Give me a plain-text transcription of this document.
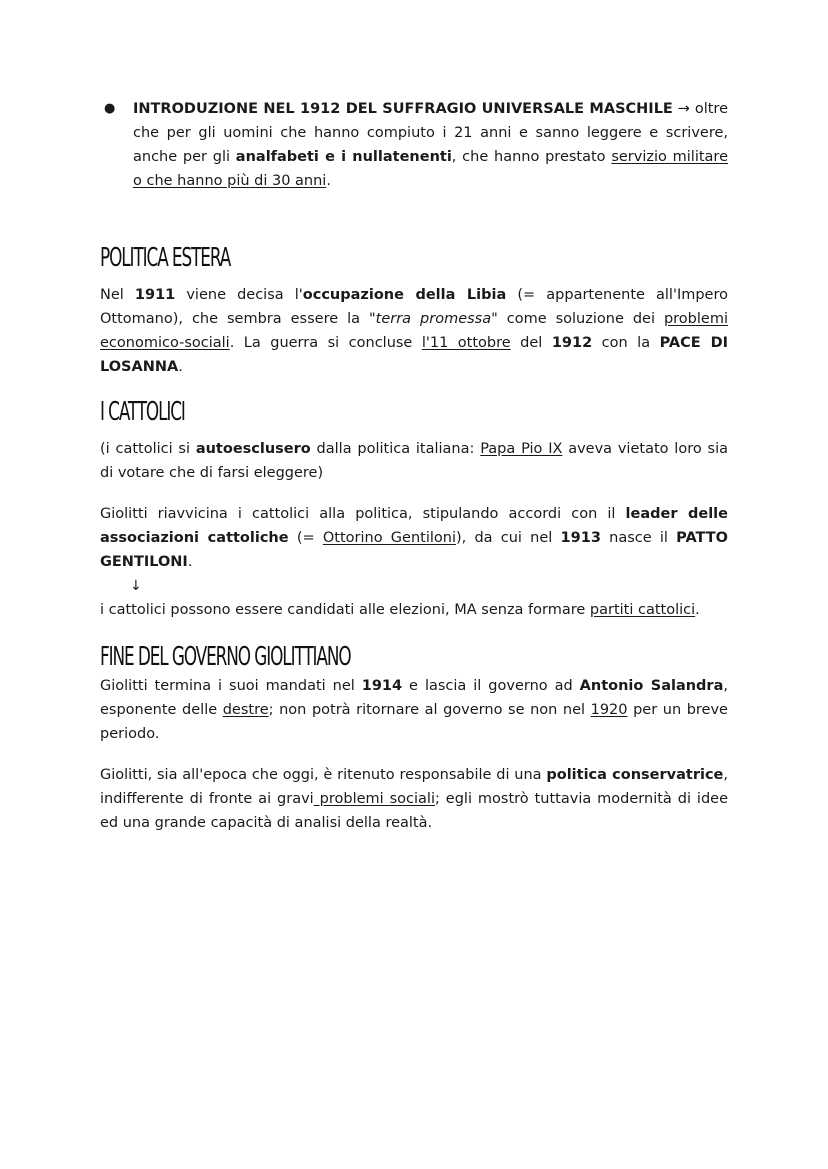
●	INTRODUZIONE NEL 1912 DEL SUFFRAGIO UNIVERSALE MASCHILE → oltre che per gli uomini che hanno compiuto i 21 anni e sanno leggere e scrivere, anche per gli analfabeti e i nullatenenti, che hanno prestato servizio militare o che hanno più di 30 anni.

POLITICA ESTERA

Nel 1911 viene decisa l'occupazione della Libia (= appartenente all'Impero Ottomano), che sembra essere la "terra promessa" come soluzione dei problemi economico-sociali. La guerra si concluse l'11 ottobre del 1912 con la PACE DI LOSANNA.

I CATTOLICI

(i cattolici si autoesclusero dalla politica italiana: Papa Pio IX aveva vietato loro sia di votare che di farsi eleggere)

Giolitti riavvicina i cattolici alla politica, stipulando accordi con il leader delle associazioni cattoliche (= Ottorino Gentiloni), da cui nel 1913 nasce il PATTO GENTILONI.

↓

i cattolici possono essere candidati alle elezioni, MA senza formare partiti cattolici.

FINE DEL GOVERNO GIOLITTIANO

Giolitti termina i suoi mandati nel 1914 e lascia il governo ad Antonio Salandra, esponente delle destre; non potrà ritornare al governo se non nel 1920 per un breve periodo.

Giolitti, sia all'epoca che oggi, è ritenuto responsabile di una politica conservatrice, indifferente di fronte ai gravi problemi sociali; egli mostrò tuttavia modernità di idee ed una grande capacità di analisi della realtà.
